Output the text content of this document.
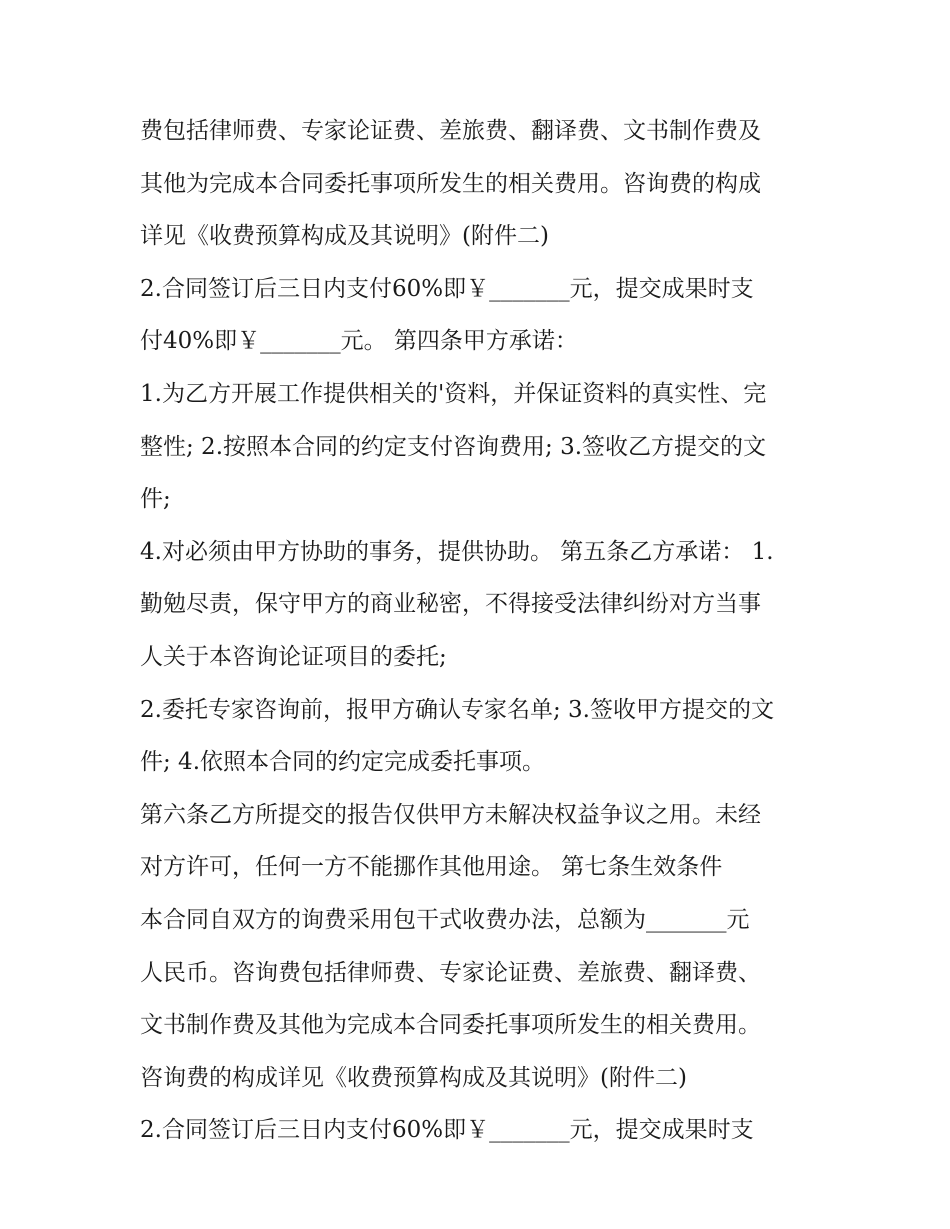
费包括律师费、专家论证费、差旅费、翻译费、文书制作费及
其他为完成本合同委托事项所发生的相关费用。咨询费的构成
详见《收费预算构成及其说明》(附件二)
2.合同签订后三日内支付60%即￥_______元，提交成果时支
付40%即￥_______元。 第四条甲方承诺：
1.为乙方开展工作提供相关的'资料，并保证资料的真实性、完
整性; 2.按照本合同的约定支付咨询费用; 3.签收乙方提交的文
件;
4.对必须由甲方协助的事务，提供协助。 第五条乙方承诺： 1.
勤勉尽责，保守甲方的商业秘密，不得接受法律纠纷对方当事
人关于本咨询论证项目的委托;
2.委托专家咨询前，报甲方确认专家名单; 3.签收甲方提交的文
件; 4.依照本合同的约定完成委托事项。
第六条乙方所提交的报告仅供甲方未解决权益争议之用。未经
对方许可，任何一方不能挪作其他用途。 第七条生效条件
本合同自双方的询费采用包干式收费办法，总额为_______元
人民币。咨询费包括律师费、专家论证费、差旅费、翻译费、
文书制作费及其他为完成本合同委托事项所发生的相关费用。
咨询费的构成详见《收费预算构成及其说明》(附件二)
2.合同签订后三日内支付60%即￥_______元，提交成果时支
